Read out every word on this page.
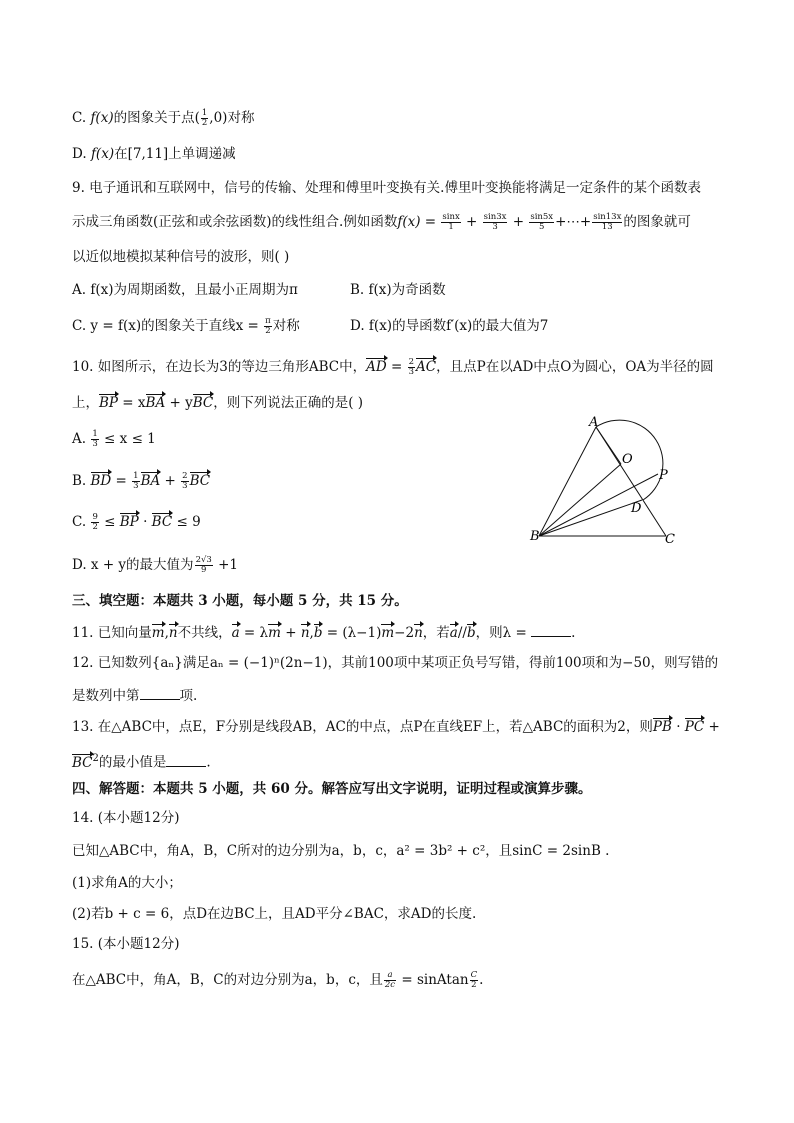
C. f(x)的图象关于点( $\frac{1}{2} ,0$)对称
D. f(x)在[7,11]上单调递减
9. 电子通讯和互联网中，信号的传输、处理和傅里叶变换有关.傅里叶变换能将满足一定条件的某个函数表
示成三角函数(正弦和或余弦函数)的线性组合.例如函数$f(x) = \frac{\sin x}{1} + \frac{\sin 3x}{3} + \frac{\sin 5x}{5}$ +⋯+ $\frac{\sin 13x}{13}$ 的图象就可
以近似地模拟某种信号的波形，则( )
A. f(x)为周期函数，且最小正周期为π	B. f(x)为奇函数
C. y = f(x)的图象关于直线$x = \frac{\pi}{2}$ 对称	D. f(x)的导函数f′(x)的最大值为7
10. 如图所示，在边长为3的等边三角形ABC中，AD = $\frac{2}{3}$ AC，且点P在以AD中点O为圆心，OA为半径的圆
上，BP = xBA + yBC，则下列说法正确的是( )
A. $\frac{1}{3} \le x \le 1$
B. BD = $\frac{1}{3}$ BA + $\frac{2}{3}$ BC
C. $\frac{9}{2}$ ≤ BP · BC ≤ 9
D. x + y的最大值为 $\frac{2√3}{9} +1$
A
O
P
D
B	C
三、填空题：本题共 3 小题，每小题 5 分，共 15 分。
11. 已知向量m,n不共线，a = λm + n,b = (λ−1)m−2n，若a//b，则λ =	.
12. 已知数列{aₙ}满足aₙ = (−1)ⁿ(2n−1)，其前100项中某项正负号写错，得前100项和为−50，则写错的
是数列中第	项.
13. 在△ABC中，点E，F分别是线段AB，AC的中点，点P在直线EF上，若△ABC的面积为2，则PB · PC +
$BC^2$的最小值是	.
四、解答题：本题共 5 小题，共 60 分。解答应写出文字说明，证明过程或演算步骤。
14. (本小题12分)
已知△ABC中，角A，B，C所对的边分别为a，b，c，a² = 3b² + c²，且sinC = 2sinB .
(1)求角A的大小；
(2)若b + c = 6，点D在边BC上，且AD平分∠BAC，求AD的长度.
15. (本小题12分)
在△ABC中，角A，B，C的对边分别为a，b，c，且 $\frac{a}{2c}$ = sinAtan $\frac{C}{2}$ .
